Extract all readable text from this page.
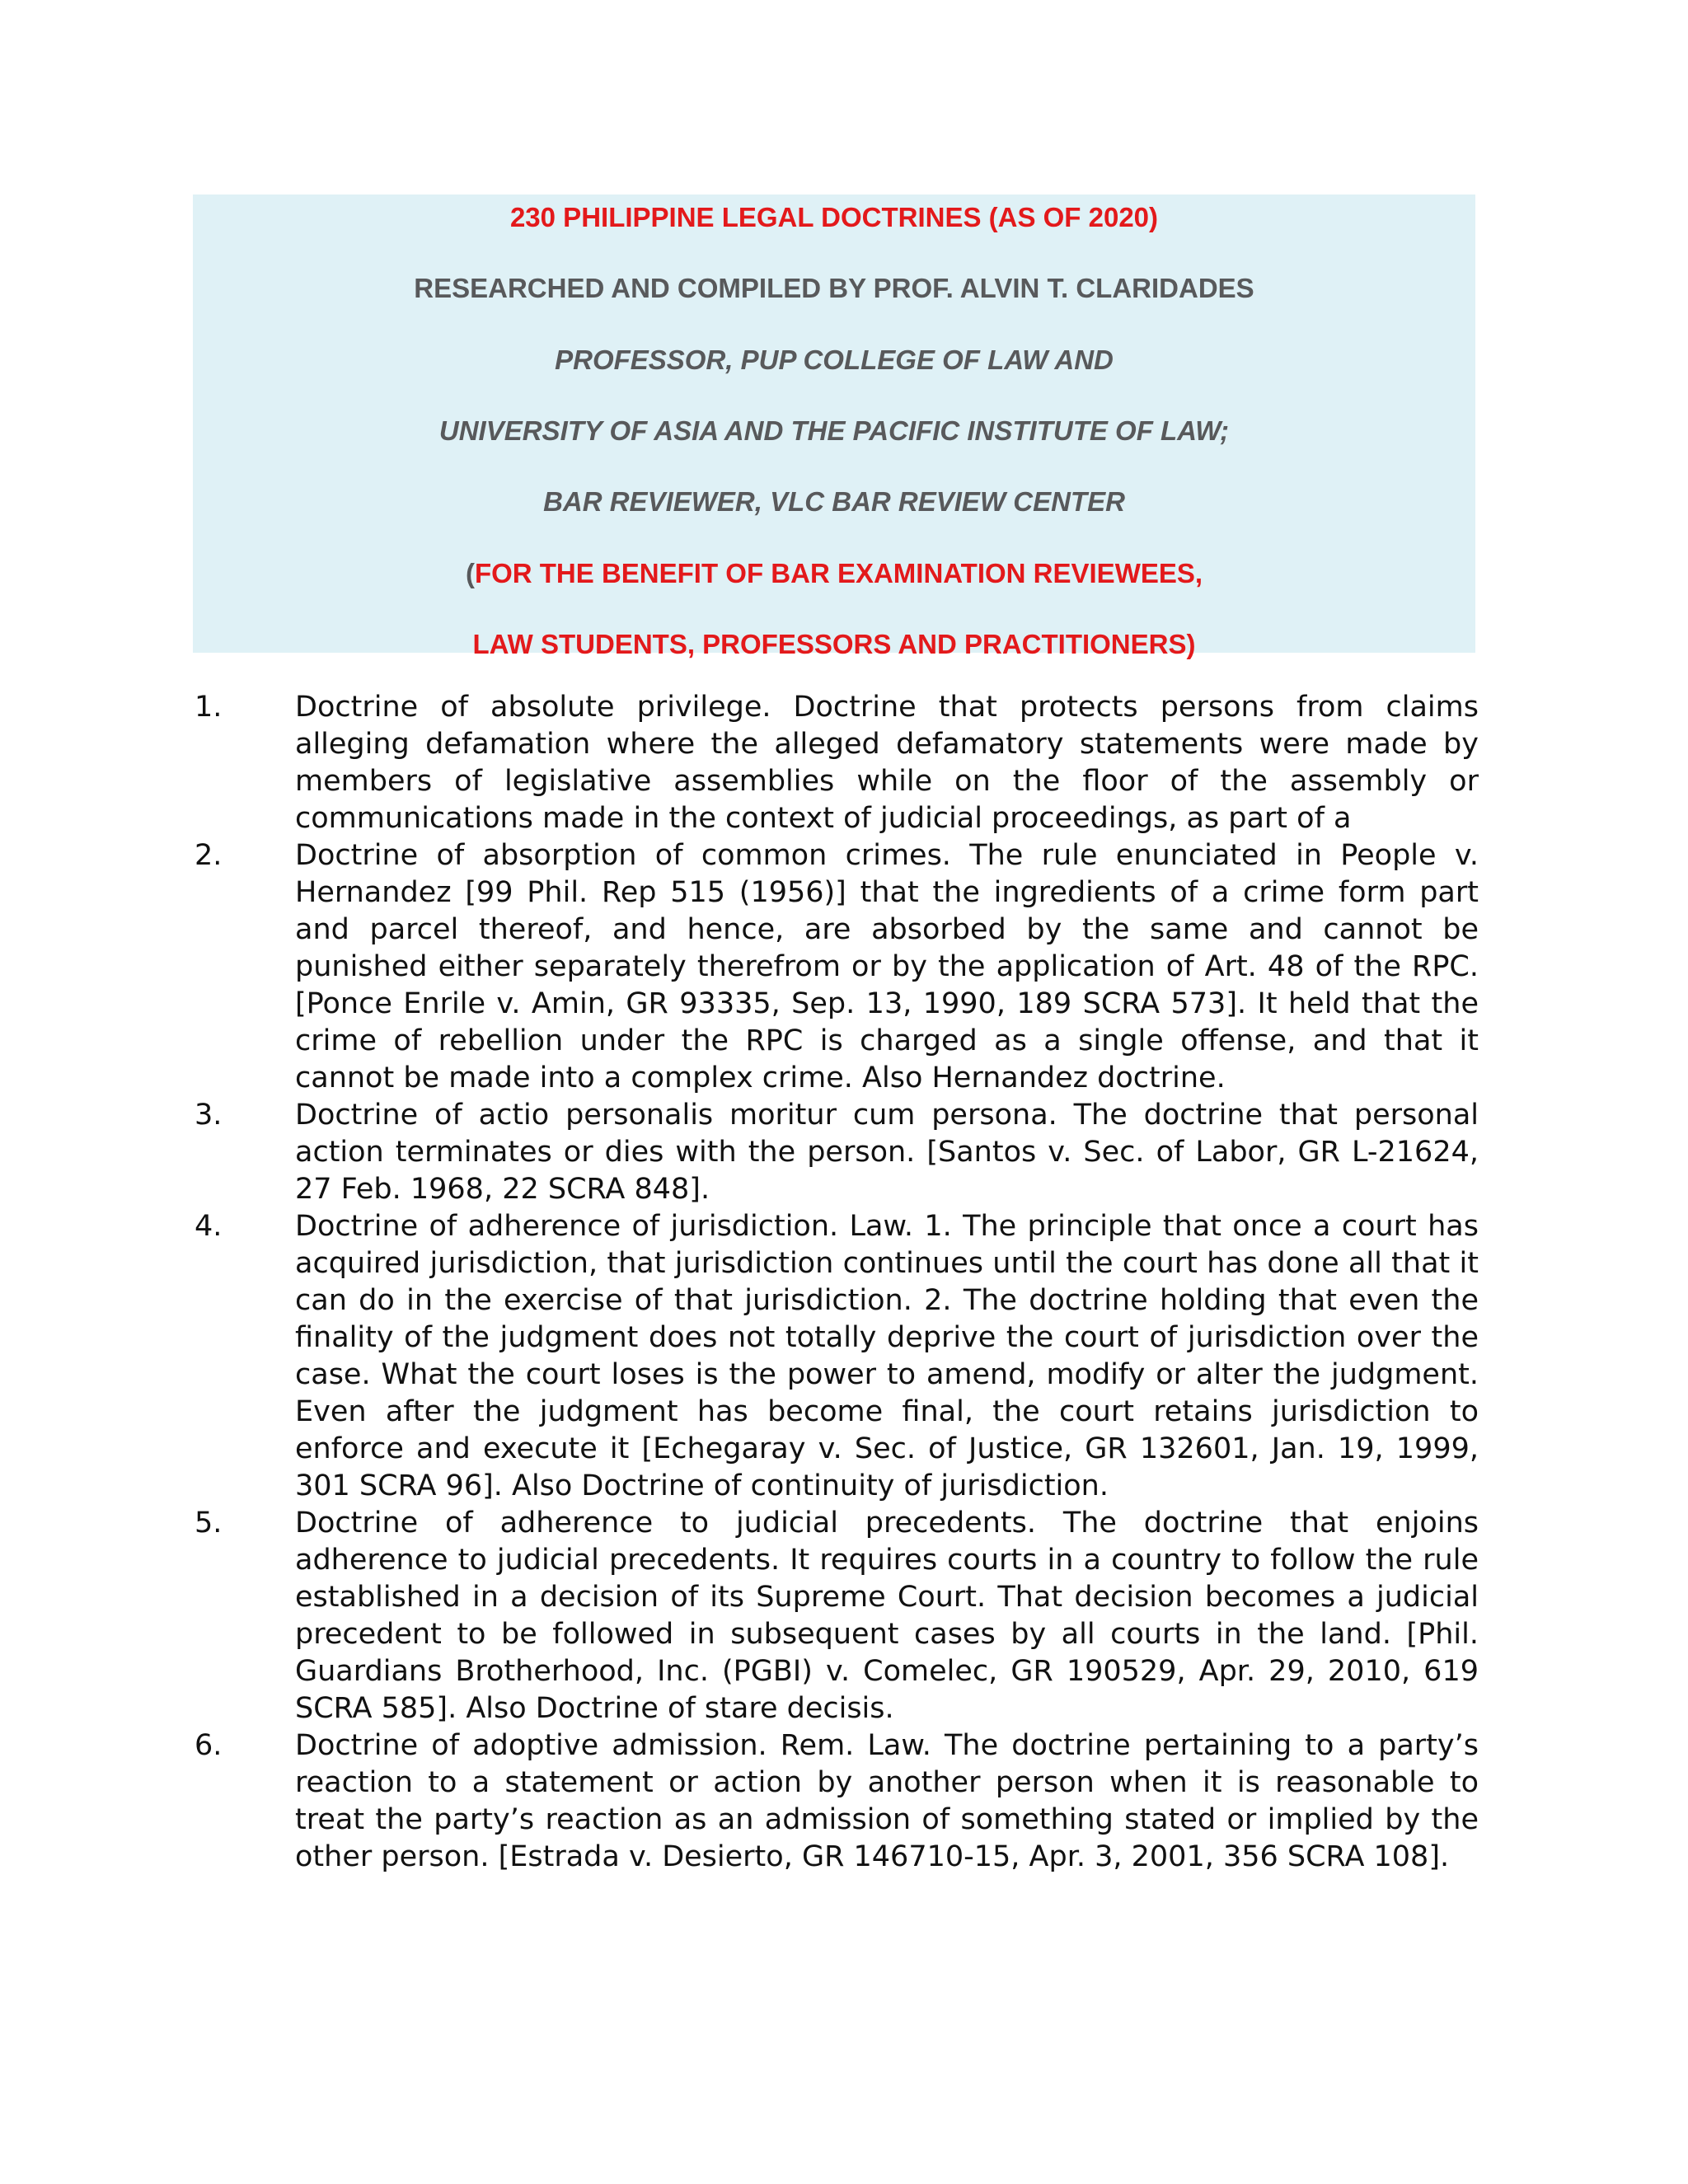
230 PHILIPPINE LEGAL DOCTRINES (AS OF 2020)
RESEARCHED AND COMPILED BY PROF. ALVIN T. CLARIDADES
PROFESSOR, PUP COLLEGE OF LAW AND
UNIVERSITY OF ASIA AND THE PACIFIC INSTITUTE OF LAW;
BAR REVIEWER, VLC BAR REVIEW CENTER
(FOR THE BENEFIT OF BAR EXAMINATION REVIEWEES,
LAW STUDENTS, PROFESSORS AND PRACTITIONERS)
1.	Doctrine of absolute privilege. Doctrine that protects persons from claims alleging defamation where the alleged defamatory statements were made by members of legislative assemblies while on the floor of the assembly or communications made in the context of judicial proceedings, as part of a
2.	Doctrine of absorption of common crimes. The rule enunciated in People v. Hernandez [99 Phil. Rep 515 (1956)] that the ingredients of a crime form part and parcel thereof, and hence, are absorbed by the same and cannot be punished either separately therefrom or by the application of Art. 48 of the RPC. [Ponce Enrile v. Amin, GR 93335, Sep. 13, 1990, 189 SCRA 573]. It held that the crime of rebellion under the RPC is charged as a single offense, and that it cannot be made into a complex crime. Also Hernandez doctrine.
3.	Doctrine of actio personalis moritur cum persona. The doctrine that personal action terminates or dies with the person. [Santos v. Sec. of Labor, GR L-21624, 27 Feb. 1968, 22 SCRA 848].
4.	Doctrine of adherence of jurisdiction. Law. 1. The principle that once a court has acquired jurisdiction, that jurisdiction continues until the court has done all that it can do in the exercise of that jurisdiction. 2. The doctrine holding that even the finality of the judgment does not totally deprive the court of jurisdiction over the case. What the court loses is the power to amend, modify or alter the judgment. Even after the judgment has become final, the court retains jurisdiction to enforce and execute it [Echegaray v. Sec. of Justice, GR 132601, Jan. 19, 1999, 301 SCRA 96]. Also Doctrine of continuity of jurisdiction.
5.	Doctrine of adherence to judicial precedents. The doctrine that enjoins adherence to judicial precedents. It requires courts in a country to follow the rule established in a decision of its Supreme Court. That decision becomes a judicial precedent to be followed in subsequent cases by all courts in the land. [Phil. Guardians Brotherhood, Inc. (PGBI) v. Comelec, GR 190529, Apr. 29, 2010, 619 SCRA 585]. Also Doctrine of stare decisis.
6.	Doctrine of adoptive admission. Rem. Law. The doctrine pertaining to a party’s reaction to a statement or action by another person when it is reasonable to treat the party’s reaction as an admission of something stated or implied by the other person. [Estrada v. Desierto, GR 146710-15, Apr. 3, 2001, 356 SCRA 108].
